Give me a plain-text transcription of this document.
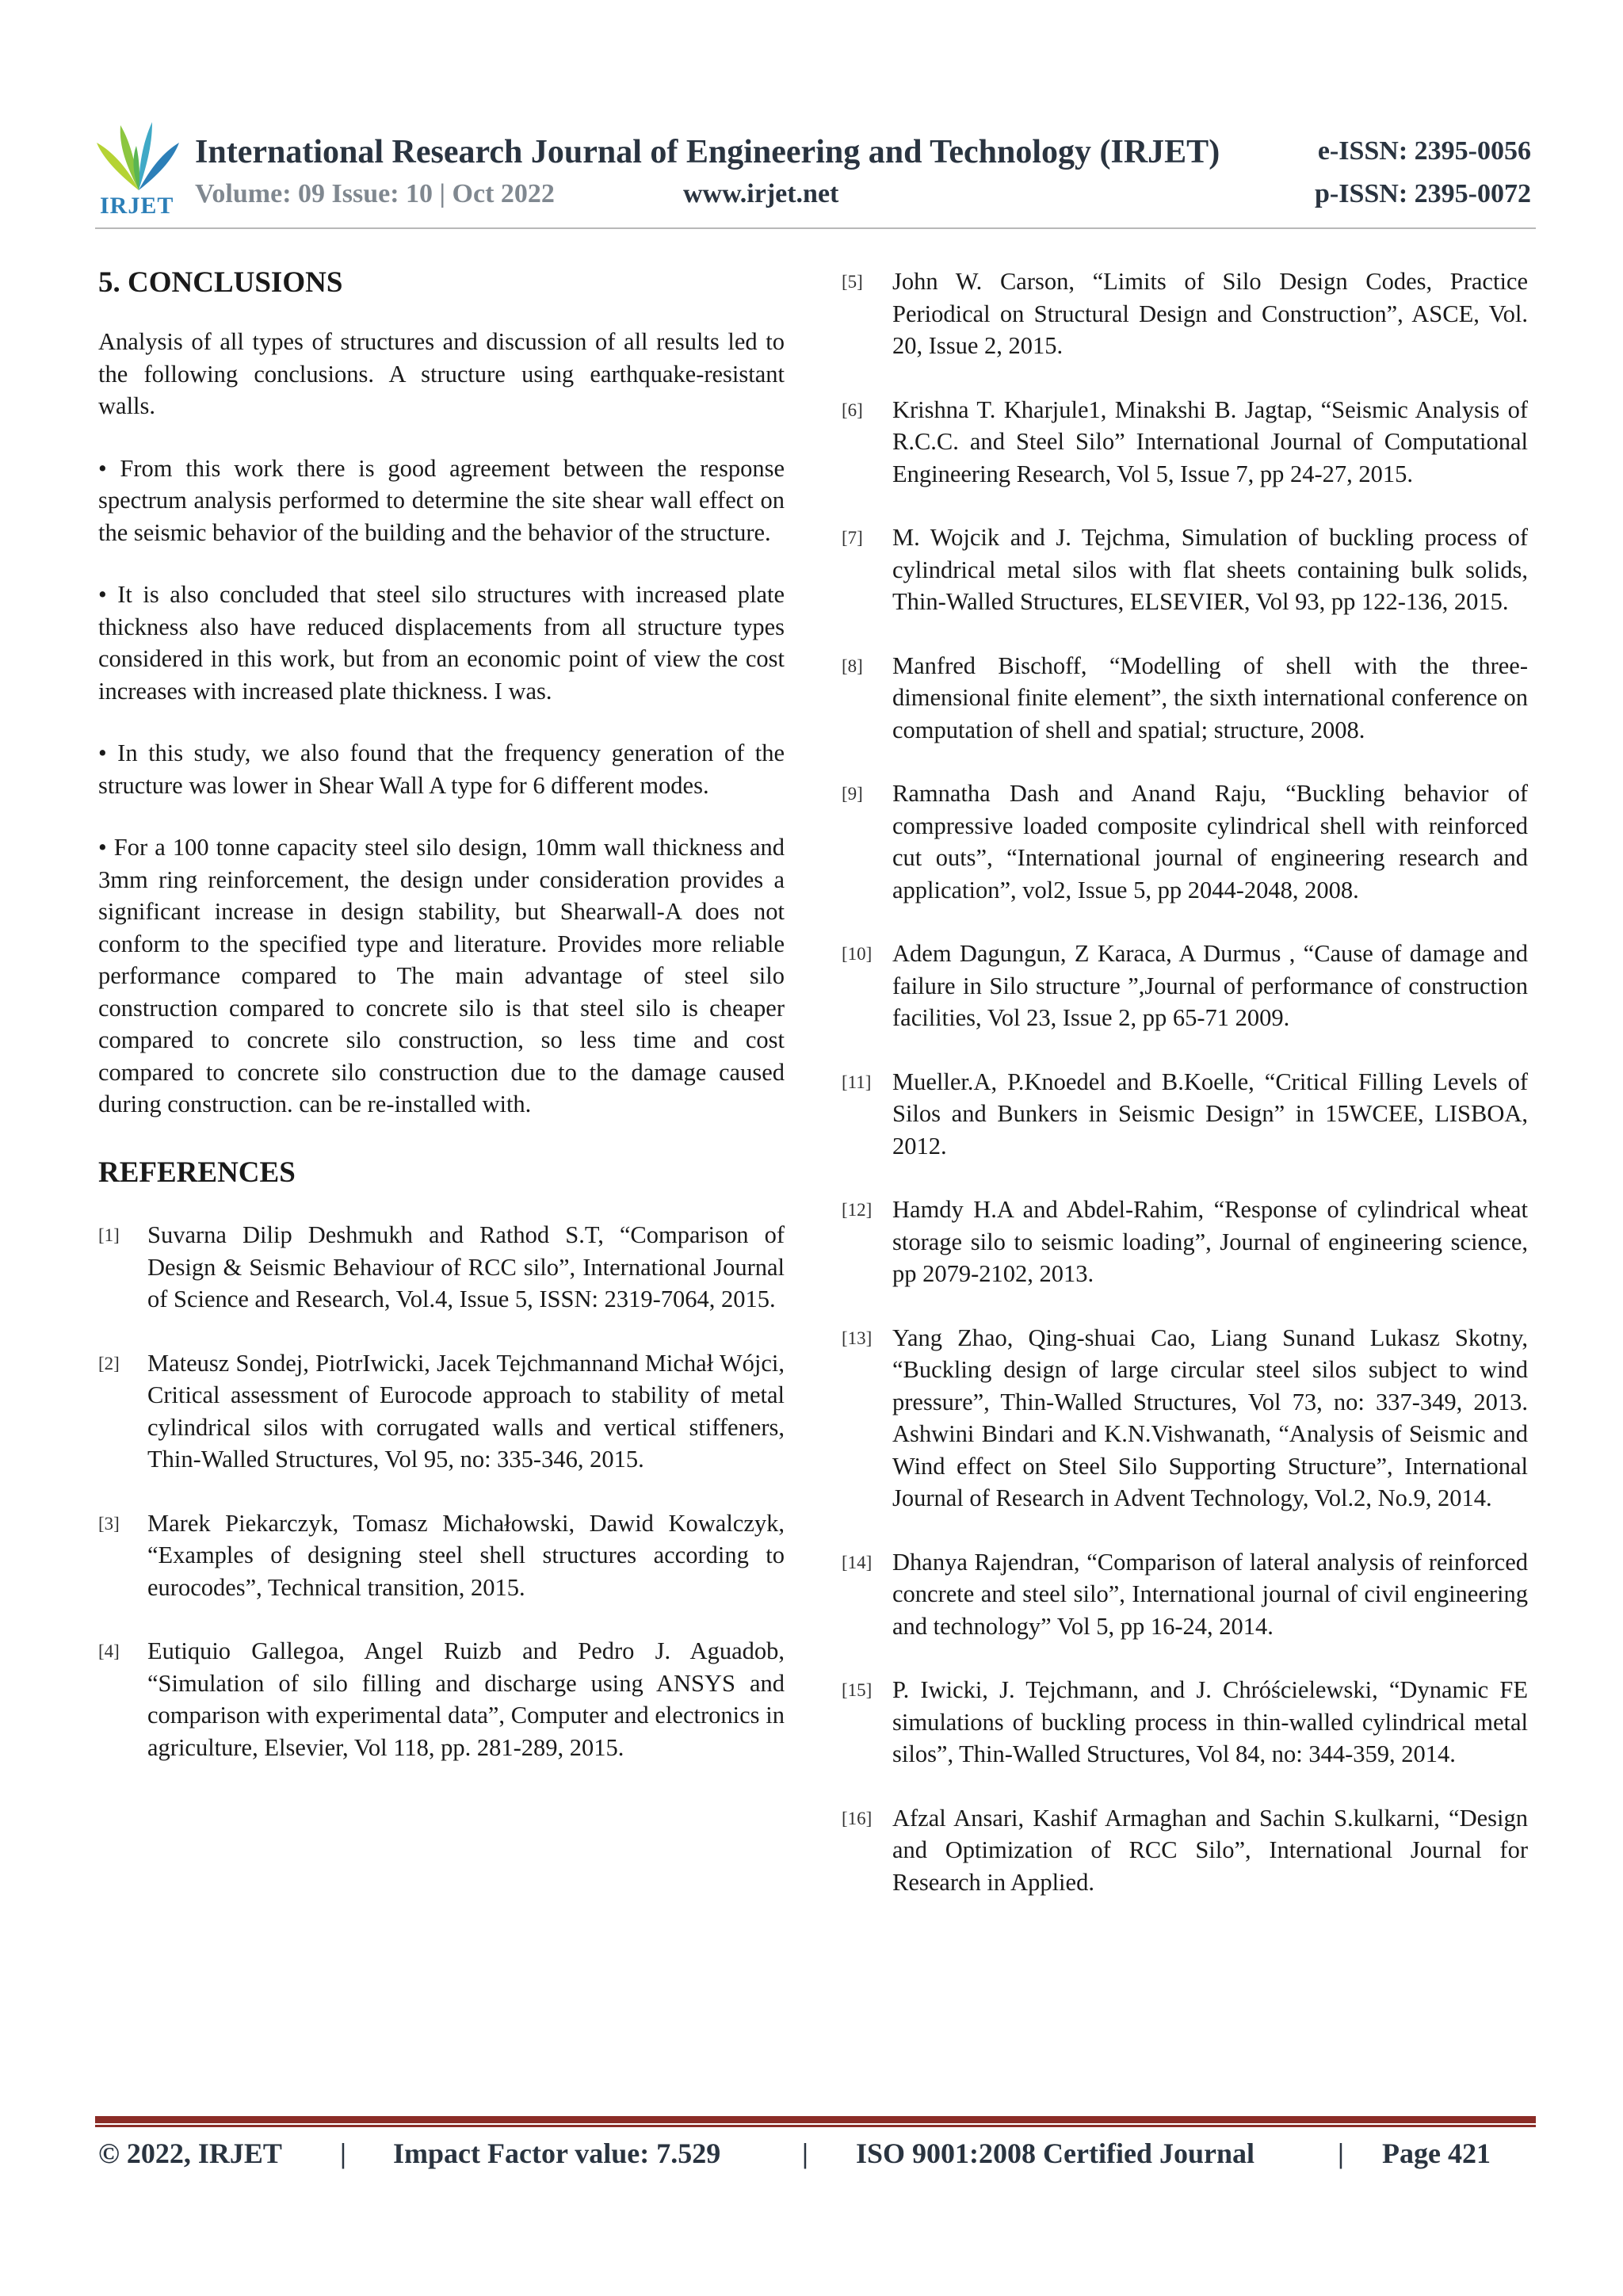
IRJET
International Research Journal of Engineering and Technology (IRJET)
Volume: 09 Issue: 10 | Oct 2022	www.irjet.net
e-ISSN: 2395-0056
p-ISSN: 2395-0072
5. CONCLUSIONS

Analysis of all types of structures and discussion of all results led to the following conclusions. A structure using earthquake-resistant walls.

• From this work there is good agreement between the response spectrum analysis performed to determine the site shear wall effect on the seismic behavior of the building and the behavior of the structure.

• It is also concluded that steel silo structures with increased plate thickness also have reduced displacements from all structure types considered in this work, but from an economic point of view the cost increases with increased plate thickness. I was.

• In this study, we also found that the frequency generation of the structure was lower in Shear Wall A type for 6 different modes.

• For a 100 tonne capacity steel silo design, 10mm wall thickness and 3mm ring reinforcement, the design under consideration provides a significant increase in design stability, but Shearwall-A does not conform to the specified type and literature. Provides more reliable performance compared to The main advantage of steel silo construction compared to concrete silo is that steel silo is cheaper compared to concrete silo construction, so less time and cost compared to concrete silo construction due to the damage caused during construction. can be re-installed with.

REFERENCES
[1]	Suvarna Dilip Deshmukh and Rathod S.T, “Comparison of Design & Seismic Behaviour of RCC silo”, International Journal of Science and Research, Vol.4, Issue 5, ISSN: 2319-7064, 2015.
[2]	Mateusz Sondej, PiotrIwicki, Jacek Tejchmannand Michał Wójci, Critical assessment of Eurocode approach to stability of metal cylindrical silos with corrugated walls and vertical stiffeners, Thin-Walled Structures, Vol 95, no: 335-346, 2015.
[3]	Marek Piekarczyk, Tomasz Michałowski, Dawid Kowalczyk, “Examples of designing steel shell structures according to eurocodes”, Technical transition, 2015.
[4]	Eutiquio Gallegoa, Angel Ruizb and Pedro J. Aguadob, “Simulation of silo filling and discharge using ANSYS and comparison with experimental data”, Computer and electronics in agriculture, Elsevier, Vol 118, pp. 281-289, 2015.
[5]	John W. Carson, “Limits of Silo Design Codes, Practice Periodical on Structural Design and Construction”, ASCE, Vol. 20, Issue 2, 2015.
[6]	Krishna T. Kharjule1, Minakshi B. Jagtap, “Seismic Analysis of R.C.C. and Steel Silo” International Journal of Computational Engineering Research, Vol 5, Issue 7, pp 24-27, 2015.
[7]	M. Wojcik and J. Tejchma, Simulation of buckling process of cylindrical metal silos with flat sheets containing bulk solids, Thin-Walled Structures, ELSEVIER, Vol 93, pp 122-136, 2015.
[8]	Manfred Bischoff, “Modelling of shell with the three-dimensional finite element”, the sixth international conference on computation of shell and spatial; structure, 2008.
[9]	Ramnatha Dash and Anand Raju, “Buckling behavior of compressive loaded composite cylindrical shell with reinforced cut outs”, “International journal of engineering research and application”, vol2, Issue 5, pp 2044-2048, 2008.
[10] Adem Dagungun, Z Karaca, A Durmus , “Cause of damage and failure in Silo structure ”,Journal of performance of construction facilities, Vol 23, Issue 2, pp 65-71 2009.
[11] Mueller.A, P.Knoedel and B.Koelle, “Critical Filling Levels of Silos and Bunkers in Seismic Design” in 15WCEE, LISBOA, 2012.
[12] Hamdy H.A and Abdel-Rahim, “Response of cylindrical wheat storage silo to seismic loading”, Journal of engineering science, pp 2079-2102, 2013.
[13] Yang Zhao, Qing-shuai Cao, Liang Sunand Lukasz Skotny, “Buckling design of large circular steel silos subject to wind pressure”, Thin-Walled Structures, Vol 73, no: 337-349, 2013. Ashwini Bindari and K.N.Vishwanath, “Analysis of Seismic and Wind effect on Steel Silo Supporting Structure”, International Journal of Research in Advent Technology, Vol.2, No.9, 2014.
[14] Dhanya Rajendran, “Comparison of lateral analysis of reinforced concrete and steel silo”, International journal of civil engineering and technology” Vol 5, pp 16-24, 2014.
[15] P. Iwicki, J. Tejchmann, and J. Chróścielewski, “Dynamic FE simulations of buckling process in thin-walled cylindrical metal silos”, Thin-Walled Structures, Vol 84, no: 344-359, 2014.
[16] Afzal Ansari, Kashif Armaghan and Sachin S.kulkarni, “Design and Optimization of RCC Silo”, International Journal for Research in Applied.
© 2022, IRJET | Impact Factor value: 7.529	| ISO 9001:2008 Certified Journal	| Page 421
